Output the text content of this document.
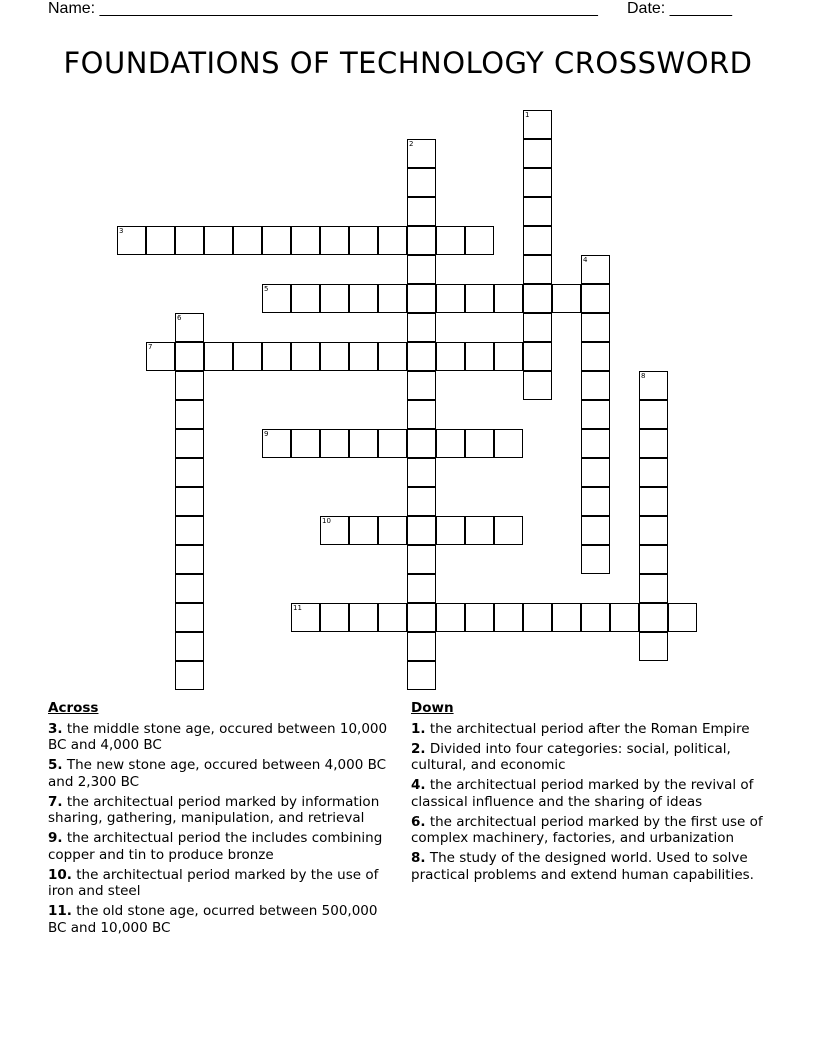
Name: ________________________________________________________ Date: _______
FOUNDATIONS OF TECHNOLOGY CROSSWORD
1
2
3
4
5
6
7
8
9
10
11
Across
3. the middle stone age, occured between 10,000 BC and 4,000 BC
5. The new stone age, occured between 4,000 BC and 2,300 BC
7. the architectual period marked by information sharing, gathering, manipulation, and retrieval
9. the architectual period the includes combining copper and tin to produce bronze
10. the architectual period marked by the use of iron and steel
11. the old stone age, ocurred between 500,000 BC and 10,000 BC
Down
1. the architectual period after the Roman Empire
2. Divided into four categories: social, political, cultural, and economic
4. the architectual period marked by the revival of classical influence and the sharing of ideas
6. the architectual period marked by the first use of complex machinery, factories, and urbanization
8. The study of the designed world. Used to solve practical problems and extend human capabilities.
